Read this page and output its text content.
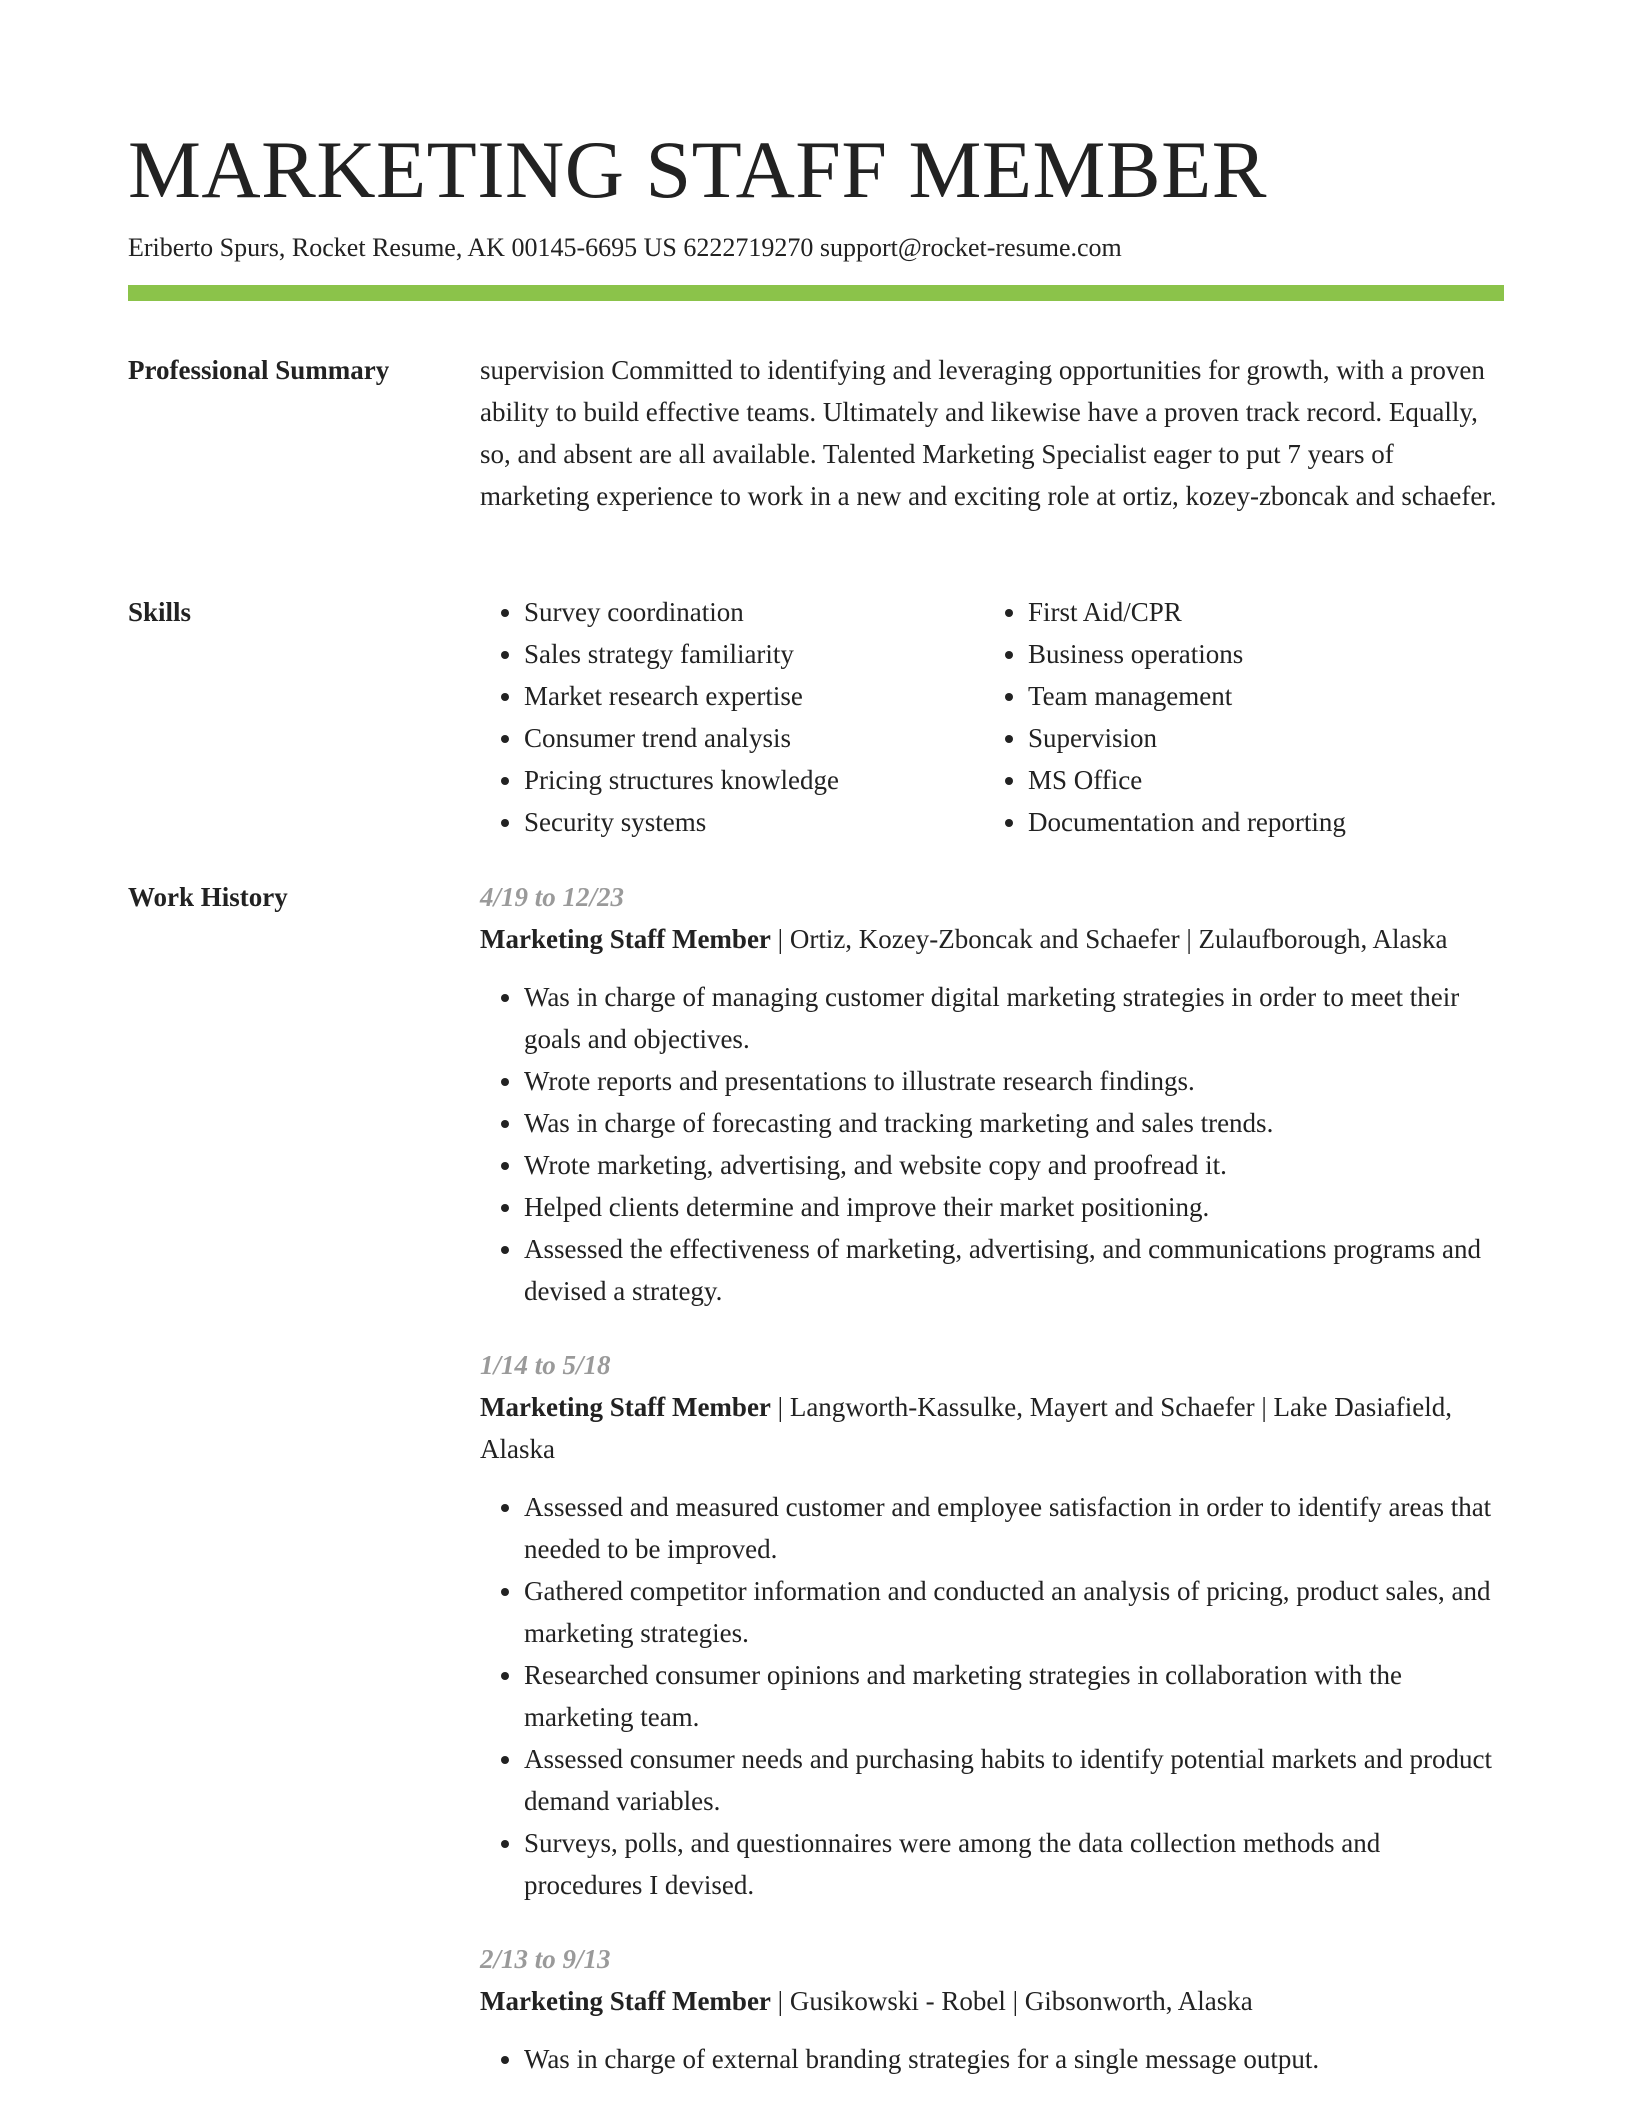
MARKETING STAFF MEMBER
Eriberto Spurs, Rocket Resume, AK 00145-6695 US 6222719270 support@rocket-resume.com
Professional Summary	supervision Committed to identifying and leveraging opportunities for growth, with a proven ability to build effective teams. Ultimately and likewise have a proven track record. Equally, so, and absent are all available. Talented Marketing Specialist eager to put 7 years of marketing experience to work in a new and exciting role at ortiz, kozey-zboncak and schaefer.

Skills
•	Survey coordination
• Sales strategy familiarity
• Market research expertise
• Consumer trend analysis
• Pricing structures knowledge
• Security systems
• First Aid/CPR
• Business operations
• Team management
• Supervision
• MS Office
• Documentation and reporting
Work History	4/19 to 12/23
Marketing Staff Member | Ortiz, Kozey-Zboncak and Schaefer | Zulaufborough, Alaska
• Was in charge of managing customer digital marketing strategies in order to meet their goals and objectives.
• Wrote reports and presentations to illustrate research findings.
• Was in charge of forecasting and tracking marketing and sales trends.
• Wrote marketing, advertising, and website copy and proofread it.
• Helped clients determine and improve their market positioning.
• Assessed the effectiveness of marketing, advertising, and communications programs and devised a strategy.
1/14 to 5/18
Marketing Staff Member | Langworth-Kassulke, Mayert and Schaefer | Lake Dasiafield, Alaska
• Assessed and measured customer and employee satisfaction in order to identify areas that needed to be improved.
• Gathered competitor information and conducted an analysis of pricing, product sales, and marketing strategies.
• Researched consumer opinions and marketing strategies in collaboration with the marketing team.
• Assessed consumer needs and purchasing habits to identify potential markets and product demand variables.
• Surveys, polls, and questionnaires were among the data collection methods and procedures I devised.
2/13 to 9/13
Marketing Staff Member | Gusikowski - Robel | Gibsonworth, Alaska
• Was in charge of external branding strategies for a single message output.
